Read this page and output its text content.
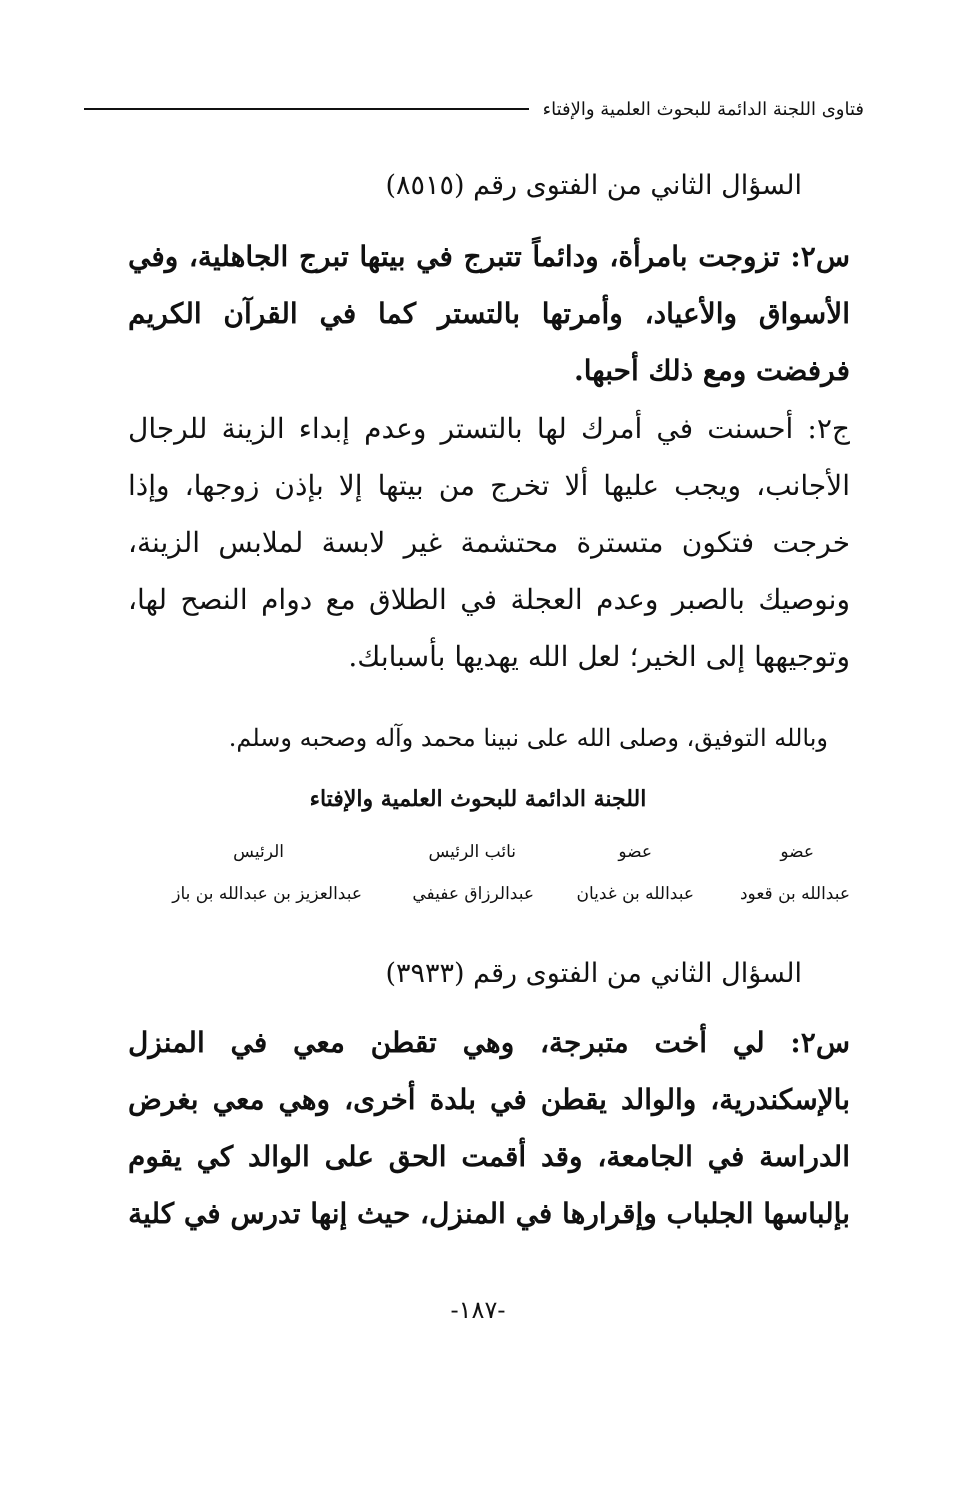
فتاوى اللجنة الدائمة للبحوث العلمية والإفتاء
السؤال الثاني من الفتوى رقم (٨٥١٥)
س٢: تزوجت بامرأة، ودائماً تتبرج في بيتها تبرج الجاهلية، وفي الأسواق والأعياد، وأمرتها بالتستر كما في القرآن الكريم فرفضت ومع ذلك أحبها.
ج٢: أحسنت في أمرك لها بالتستر وعدم إبداء الزينة للرجال الأجانب، ويجب عليها ألا تخرج من بيتها إلا بإذن زوجها، وإذا خرجت فتكون متسترة محتشمة غير لابسة لملابس الزينة، ونوصيك بالصبر وعدم العجلة في الطلاق مع دوام النصح لها، وتوجيهها إلى الخير؛ لعل الله يهديها بأسبابك.
وبالله التوفيق، وصلى الله على نبينا محمد وآله وصحبه وسلم.
اللجنة الدائمة للبحوث العلمية والإفتاء
عضو
عضو
نائب الرئيس
الرئيس
عبدالله بن قعود
عبدالله بن غديان
عبدالرزاق عفيفي
عبدالعزيز بن عبدالله بن باز
السؤال الثاني من الفتوى رقم (٣٩٣٣)
س٢: لي أخت متبرجة، وهي تقطن معي في المنزل بالإسكندرية، والوالد يقطن في بلدة أخرى، وهي معي بغرض الدراسة في الجامعة، وقد أقمت الحق على الوالد كي يقوم بإلباسها الجلباب وإقرارها في المنزل، حيث إنها تدرس في كلية
-١٨٧-
